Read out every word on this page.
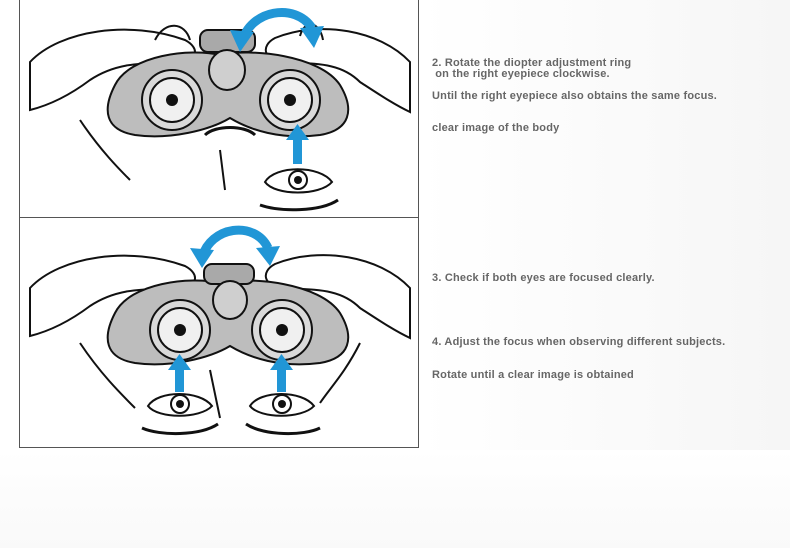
2. Rotate the diopter adjustment ring
on the right eyepiece clockwise.
Until the right eyepiece also obtains the same focus.
clear image of the body
3. Check if both eyes are focused clearly.
4. Adjust the focus when observing different subjects.
Rotate until a clear image is obtained
